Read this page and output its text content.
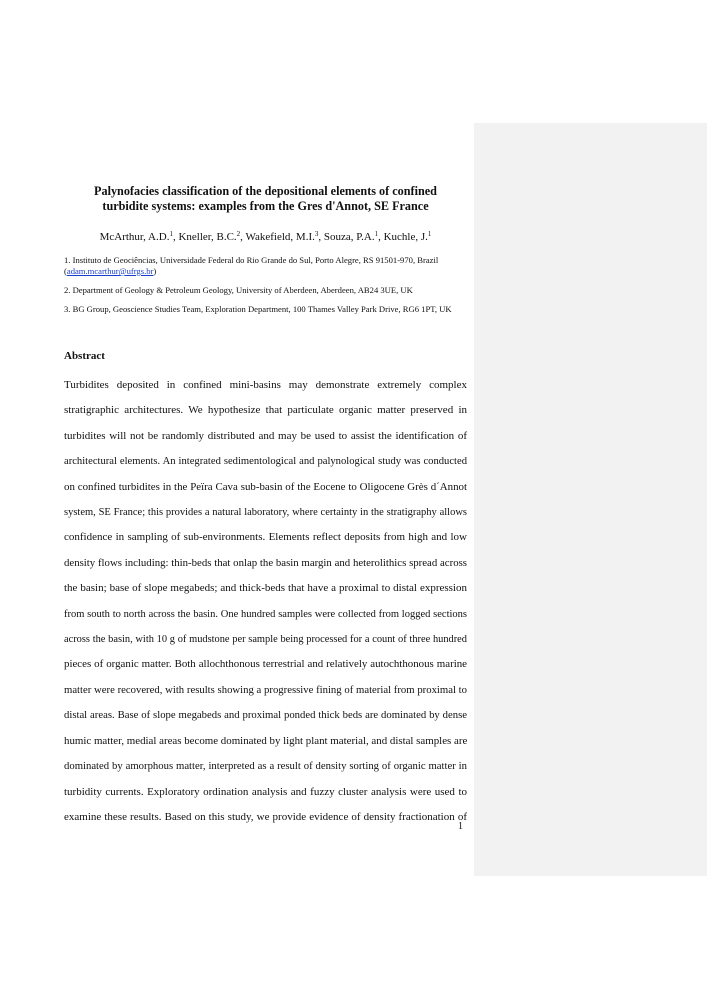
Palynofacies classification of the depositional elements of confined
turbidite systems: examples from the Gres d'Annot, SE France
McArthur, A.D.$^1$, Kneller, B.C.$^2$, Wakefield, M.I.$^3$, Souza, P.A.$^1$, Kuchle, J.$^1$
1. Instituto de Geociências, Universidade Federal do Rio Grande do Sul, Porto Alegre, RS 91501-970, Brazil (adam.mcarthur@ufrgs.br)
2. Department of Geology & Petroleum Geology, University of Aberdeen, Aberdeen, AB24 3UE, UK
3. BG Group, Geoscience Studies Team, Exploration Department, 100 Thames Valley Park Drive, RG6 1PT, UK
Abstract
Turbidites deposited in confined mini-basins may demonstrate extremely complex
stratigraphic architectures. We hypothesize that particulate organic matter preserved in
turbidites will not be randomly distributed and may be used to assist the identification of
architectural elements. An integrated sedimentological and palynological study was conducted
on confined turbidites in the Peïra Cava sub-basin of the Eocene to Oligocene Grès d´Annot
system, SE France; this provides a natural laboratory, where certainty in the stratigraphy allows
confidence in sampling of sub-environments. Elements reflect deposits from high and low
density flows including: thin-beds that onlap the basin margin and heterolithics spread across
the basin; base of slope megabeds; and thick-beds that have a proximal to distal expression
from south to north across the basin. One hundred samples were collected from logged sections
across the basin, with 10 g of mudstone per sample being processed for a count of three hundred
pieces of organic matter. Both allochthonous terrestrial and relatively autochthonous marine
matter were recovered, with results showing a progressive fining of material from proximal to
distal areas. Base of slope megabeds and proximal ponded thick beds are dominated by dense
humic matter, medial areas become dominated by light plant material, and distal samples are
dominated by amorphous matter, interpreted as a result of density sorting of organic matter in
turbidity currents. Exploratory ordination analysis and fuzzy cluster analysis were used to
examine these results. Based on this study, we provide evidence of density fractionation of
1
